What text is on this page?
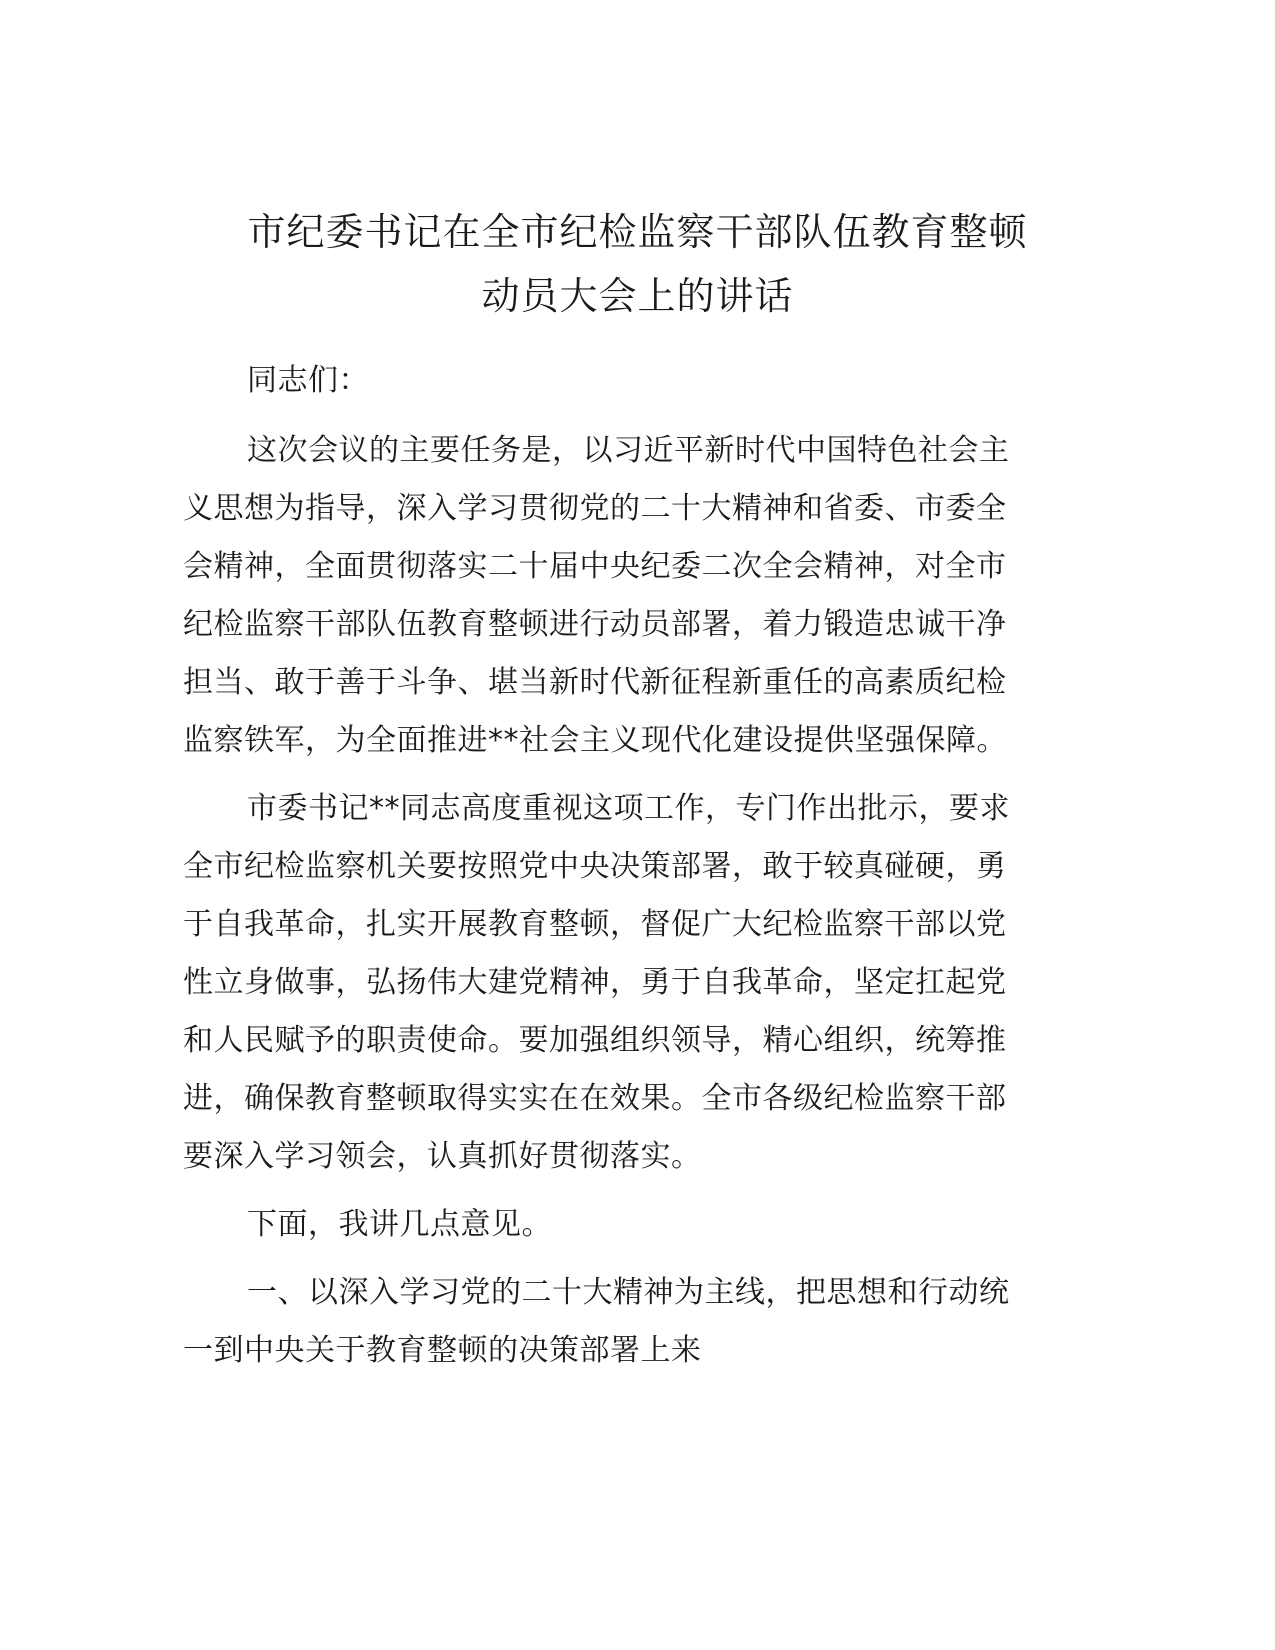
市纪委书记在全市纪检监察干部队伍教育整顿
动员大会上的讲话

同志们：

这次会议的主要任务是，以习近平新时代中国特色社会主
义思想为指导，深入学习贯彻党的二十大精神和省委、市委全
会精神，全面贯彻落实二十届中央纪委二次全会精神，对全市
纪检监察干部队伍教育整顿进行动员部署，着力锻造忠诚干净
担当、敢于善于斗争、堪当新时代新征程新重任的高素质纪检
监察铁军，为全面推进**社会主义现代化建设提供坚强保障。

市委书记**同志高度重视这项工作，专门作出批示，要求
全市纪检监察机关要按照党中央决策部署，敢于较真碰硬，勇
于自我革命，扎实开展教育整顿，督促广大纪检监察干部以党
性立身做事，弘扬伟大建党精神，勇于自我革命，坚定扛起党
和人民赋予的职责使命。要加强组织领导，精心组织，统筹推
进，确保教育整顿取得实实在在效果。全市各级纪检监察干部
要深入学习领会，认真抓好贯彻落实。

下面，我讲几点意见。

一、以深入学习党的二十大精神为主线，把思想和行动统
一到中央关于教育整顿的决策部署上来
